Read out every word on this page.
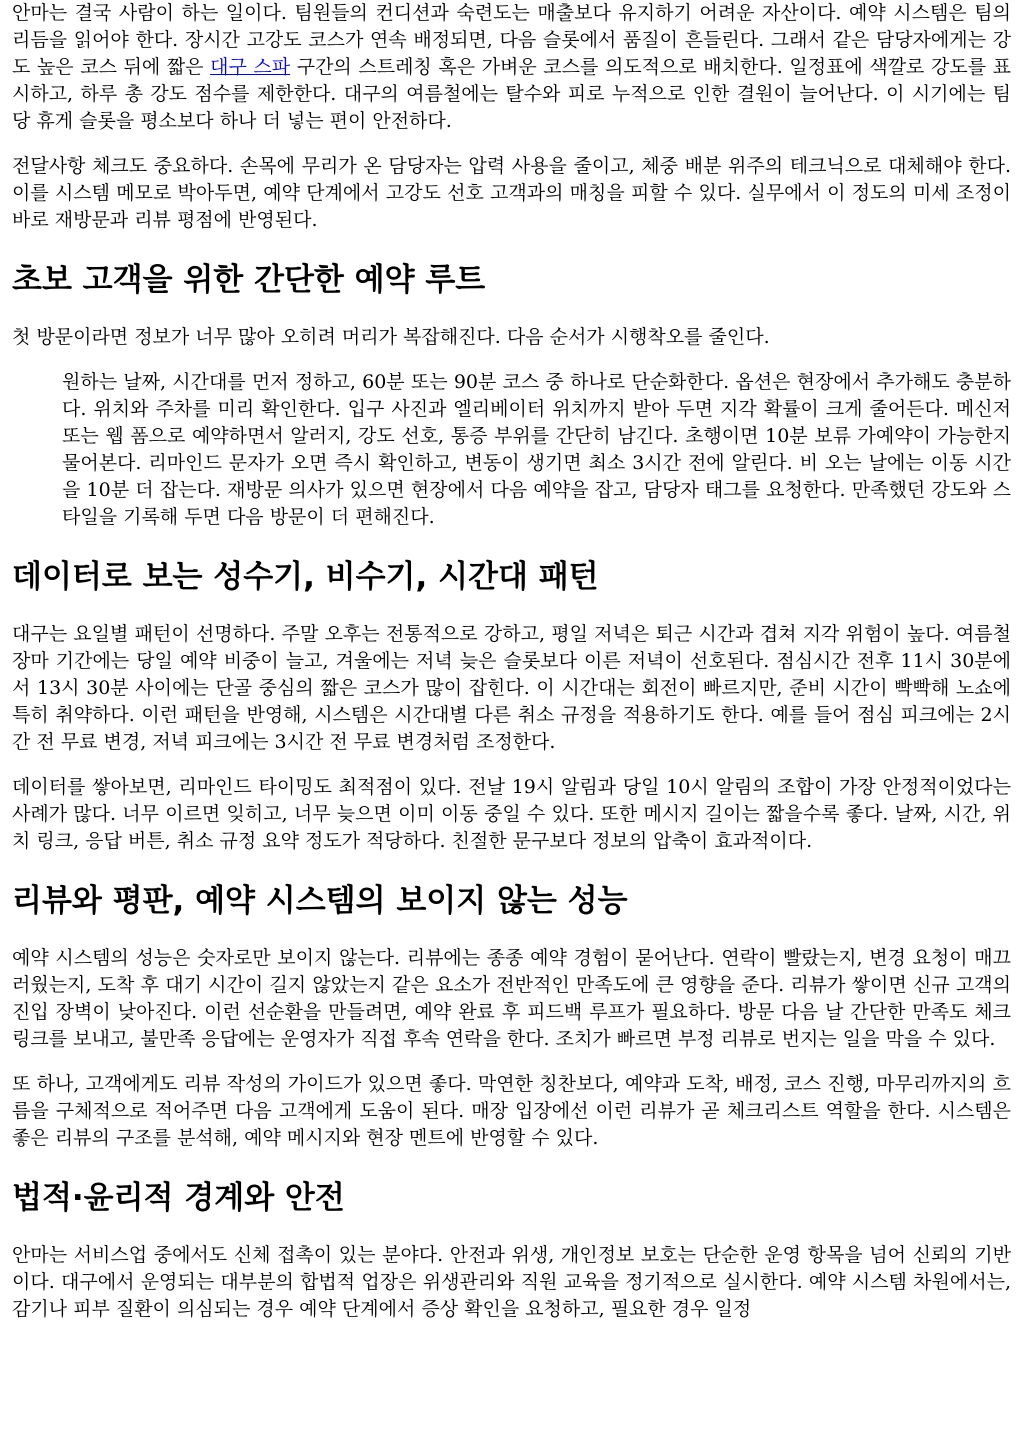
안마는 결국 사람이 하는 일이다. 팀원들의 컨디션과 숙련도는 매출보다 유지하기 어려운 자산이다. 예약 시스템은 팀의 리듬을 읽어야 한다. 장시간 고강도 코스가 연속 배정되면, 다음 슬롯에서 품질이 흔들린다. 그래서 같은 담당자에게는 강도 높은 코스 뒤에 짧은 대구 스파 구간의 스트레칭 혹은 가벼운 코스를 의도적으로 배치한다. 일정표에 색깔로 강도를 표시하고, 하루 총 강도 점수를 제한한다. 대구의 여름철에는 탈수와 피로 누적으로 인한 결원이 늘어난다. 이 시기에는 팀 당 휴게 슬롯을 평소보다 하나 더 넣는 편이 안전하다.

전달사항 체크도 중요하다. 손목에 무리가 온 담당자는 압력 사용을 줄이고, 체중 배분 위주의 테크닉으로 대체해야 한다. 이를 시스템 메모로 박아두면, 예약 단계에서 고강도 선호 고객과의 매칭을 피할 수 있다. 실무에서 이 정도의 미세 조정이 바로 재방문과 리뷰 평점에 반영된다.

초보 고객을 위한 간단한 예약 루트

첫 방문이라면 정보가 너무 많아 오히려 머리가 복잡해진다. 다음 순서가 시행착오를 줄인다.

원하는 날짜, 시간대를 먼저 정하고, 60분 또는 90분 코스 중 하나로 단순화한다. 옵션은 현장에서 추가해도 충분하다. 위치와 주차를 미리 확인한다. 입구 사진과 엘리베이터 위치까지 받아 두면 지각 확률이 크게 줄어든다. 메신저 또는 웹 폼으로 예약하면서 알러지, 강도 선호, 통증 부위를 간단히 남긴다. 초행이면 10분 보류 가예약이 가능한지 물어본다. 리마인드 문자가 오면 즉시 확인하고, 변동이 생기면 최소 3시간 전에 알린다. 비 오는 날에는 이동 시간을 10분 더 잡는다. 재방문 의사가 있으면 현장에서 다음 예약을 잡고, 담당자 태그를 요청한다. 만족했던 강도와 스타일을 기록해 두면 다음 방문이 더 편해진다.

데이터로 보는 성수기, 비수기, 시간대 패턴

대구는 요일별 패턴이 선명하다. 주말 오후는 전통적으로 강하고, 평일 저녁은 퇴근 시간과 겹쳐 지각 위험이 높다. 여름철 장마 기간에는 당일 예약 비중이 늘고, 겨울에는 저녁 늦은 슬롯보다 이른 저녁이 선호된다. 점심시간 전후 11시 30분에서 13시 30분 사이에는 단골 중심의 짧은 코스가 많이 잡힌다. 이 시간대는 회전이 빠르지만, 준비 시간이 빡빡해 노쇼에 특히 취약하다. 이런 패턴을 반영해, 시스템은 시간대별 다른 취소 규정을 적용하기도 한다. 예를 들어 점심 피크에는 2시간 전 무료 변경, 저녁 피크에는 3시간 전 무료 변경처럼 조정한다.

데이터를 쌓아보면, 리마인드 타이밍도 최적점이 있다. 전날 19시 알림과 당일 10시 알림의 조합이 가장 안정적이었다는 사례가 많다. 너무 이르면 잊히고, 너무 늦으면 이미 이동 중일 수 있다. 또한 메시지 길이는 짧을수록 좋다. 날짜, 시간, 위치 링크, 응답 버튼, 취소 규정 요약 정도가 적당하다. 친절한 문구보다 정보의 압축이 효과적이다.

리뷰와 평판, 예약 시스템의 보이지 않는 성능

예약 시스템의 성능은 숫자로만 보이지 않는다. 리뷰에는 종종 예약 경험이 묻어난다. 연락이 빨랐는지, 변경 요청이 매끄러웠는지, 도착 후 대기 시간이 길지 않았는지 같은 요소가 전반적인 만족도에 큰 영향을 준다. 리뷰가 쌓이면 신규 고객의 진입 장벽이 낮아진다. 이런 선순환을 만들려면, 예약 완료 후 피드백 루프가 필요하다. 방문 다음 날 간단한 만족도 체크 링크를 보내고, 불만족 응답에는 운영자가 직접 후속 연락을 한다. 조치가 빠르면 부정 리뷰로 번지는 일을 막을 수 있다.

또 하나, 고객에게도 리뷰 작성의 가이드가 있으면 좋다. 막연한 칭찬보다, 예약과 도착, 배정, 코스 진행, 마무리까지의 흐름을 구체적으로 적어주면 다음 고객에게 도움이 된다. 매장 입장에선 이런 리뷰가 곧 체크리스트 역할을 한다. 시스템은 좋은 리뷰의 구조를 분석해, 예약 메시지와 현장 멘트에 반영할 수 있다.

법적·윤리적 경계와 안전

안마는 서비스업 중에서도 신체 접촉이 있는 분야다. 안전과 위생, 개인정보 보호는 단순한 운영 항목을 넘어 신뢰의 기반이다. 대구에서 운영되는 대부분의 합법적 업장은 위생관리와 직원 교육을 정기적으로 실시한다. 예약 시스템 차원에서는, 감기나 피부 질환이 의심되는 경우 예약 단계에서 증상 확인을 요청하고, 필요한 경우 일정
